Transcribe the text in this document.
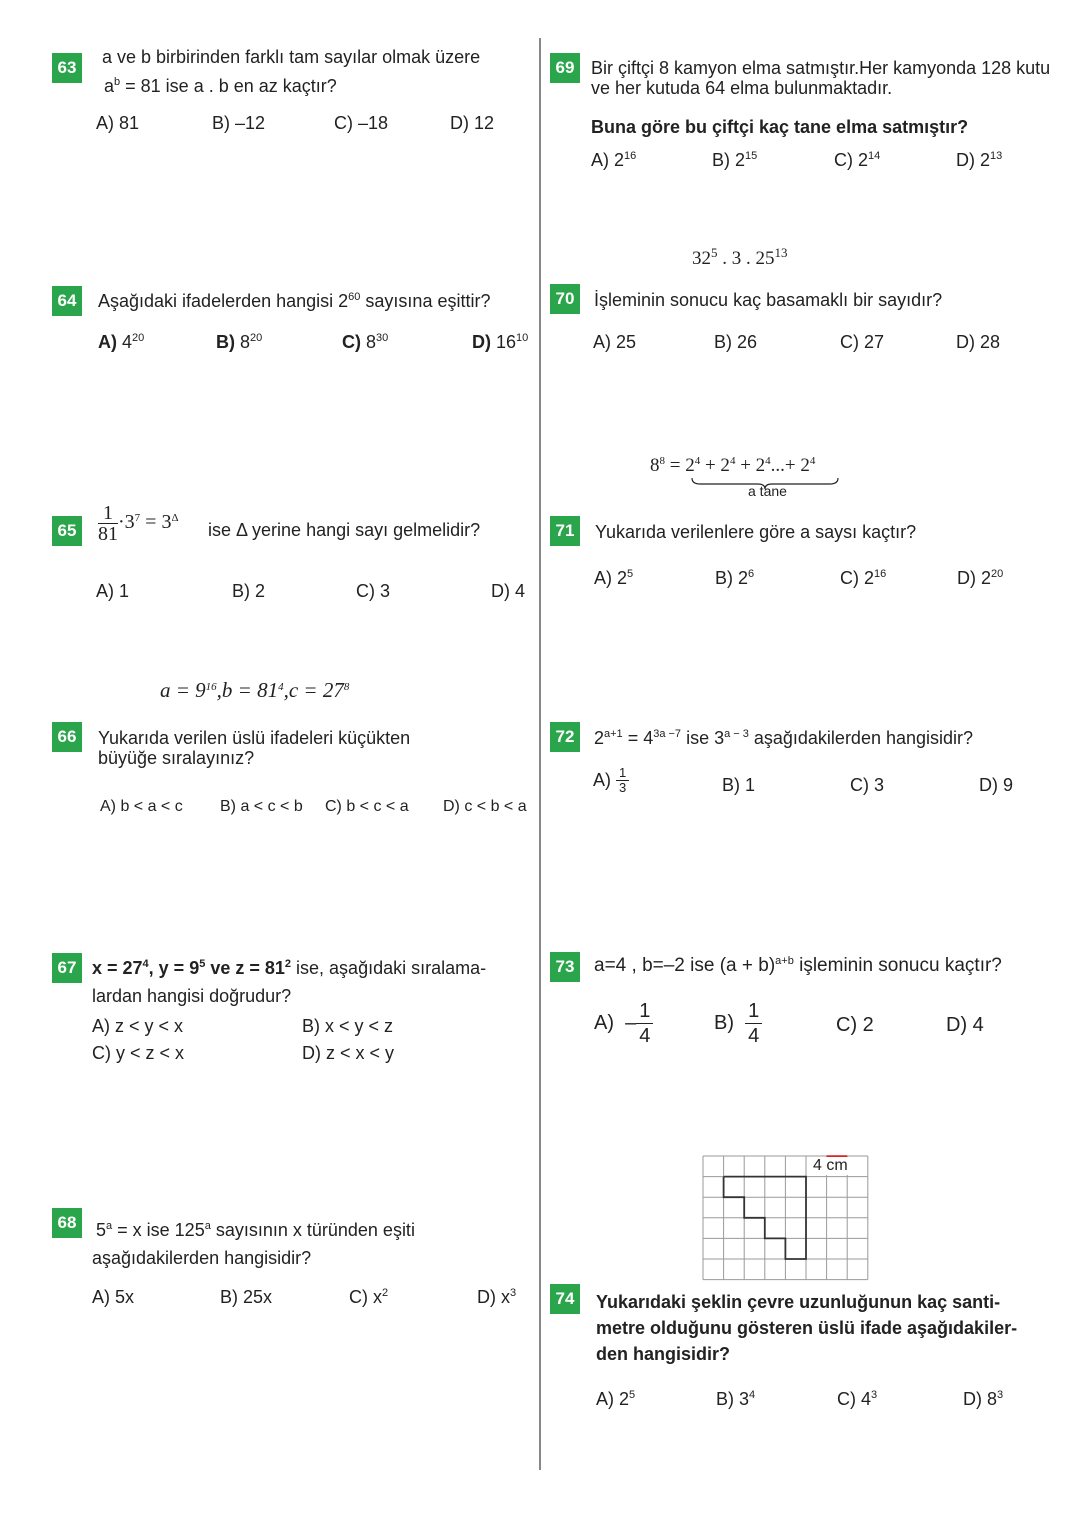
63
a ve b birbirinden farklı tam sayılar olmak üzere
$a^b = 81$ ise a . b en az kaçtır?
A) 81	B) –12	C) –18	D) 12
64	Aşağıdaki ifadelerden hangisi $2^{60}$ sayısına eşittir?
A) $4^{20}$	B) $8^{20}$	C) $8^{30}$	D) $16^{10}$
$65 \frac{1}{81} \cdot 3^7 = 3^\Delta$
ise Δ yerine hangi sayı gelmelidir?
A) 1	B) 2	C) 3	D) 4
$a = 9^{16},b = 81^4,c = 27^8$
66	Yukarıda verilen üslü ifadeleri küçükten
büyüğe sıralayınız?
A) b < a < c B) a < c < b C) b < c < a D) c < b < a
67 $x = 27^4$, $y = 9^5$ ve $z = 81^2$ ise, aşağıdaki sıralama-
lardan hangisi doğrudur?
A) z < y < x	B) x < y < z
C) y < z < x	D) z < x < y
68	$5^a = x$ ise 125$^a$ sayısının x türünden eşiti
aşağıdakilerden hangisidir?
A) 5x	B) 25x	C) $x^2$	D) $x^3$
69 Bir çiftçi 8 kamyon elma satmıştır.Her kamyonda 128 kutu
ve her kutuda 64 elma bulunmaktadır.
Buna göre bu çiftçi kaç tane elma satmıştır?
A) $2^{16}$	B) $2^{15}$	C) $2^{14}$	D) $2^{13}$
$32^5$ . 3 . $25^{13}$
70	İşleminin sonucu kaç basamaklı bir sayıdır?
A) 25	B) 26	C) 27	D) 28
$8^8 = 2^4 + 2^4 + 2^4...+ 2^4$
a tane
71	Yukarıda verilenlere göre a saysı kaçtır?
A) $2^5$	B) $2^6$	C) $2^{16}$	D) $2^{20}$
72	$2^{a+1} = 4^{3a -7}$ ise $3^{a - 3}$ aşağıdakilerden hangisidir?
$A) \frac{1}{3}$	B) 1	C) 3	D) 9
73 a=4 , b=–2 ise $(a + b)^{a+b}$ işleminin sonucu kaçtır?
$A) - \frac{1}{4}$	$B) \frac{1}{4}$	C) 2	D) 4
4 cm
74	Yukarıdaki şeklin çevre uzunluğunun kaç santi-
metre olduğunu gösteren üslü ifade aşağıdakiler-
den hangisidir?
A) $2^5$	B) $3^4$	C) $4^3$	D) $8^3$
